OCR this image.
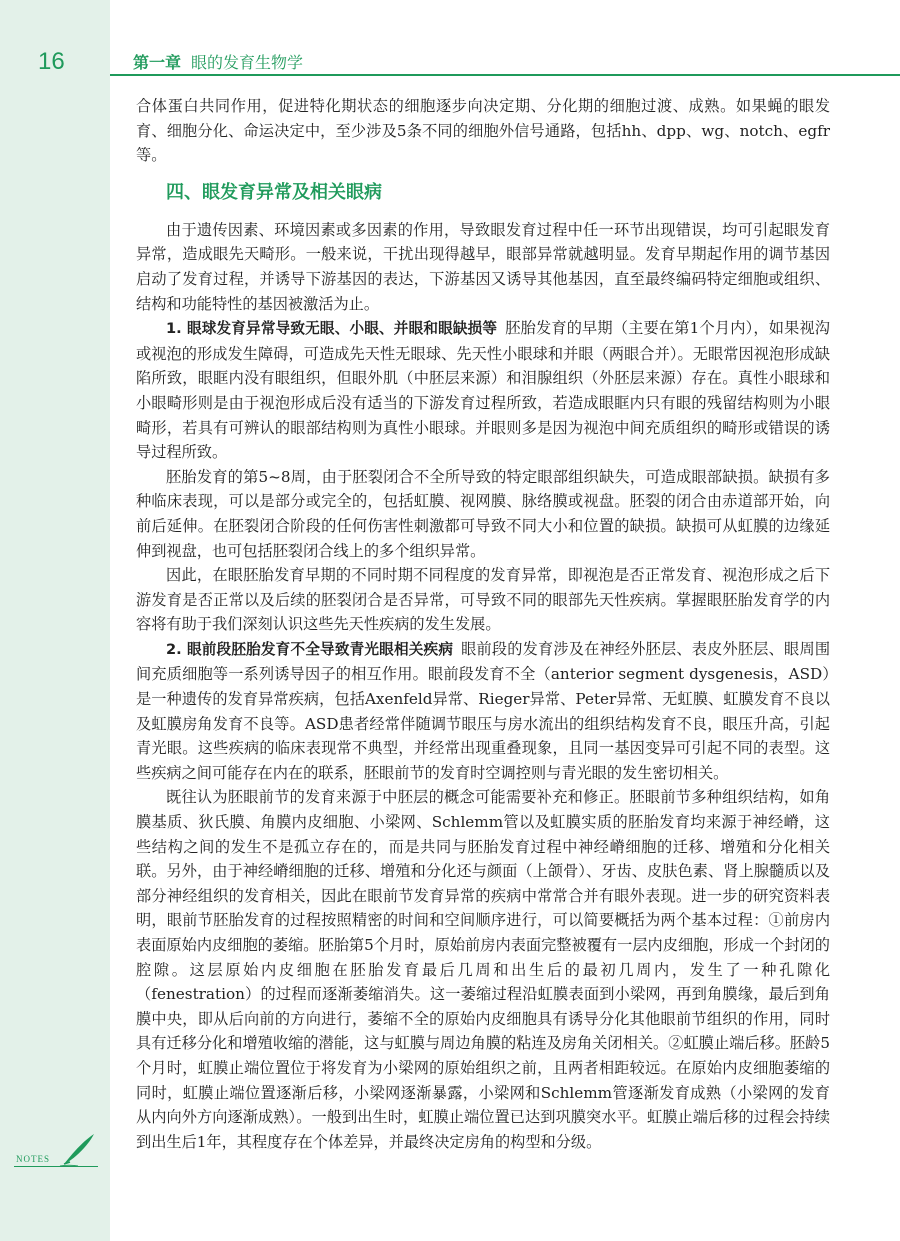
16	第一章 眼的发育生物学

合体蛋白共同作用，促进特化期状态的细胞逐步向决定期、分化期的细胞过渡、成熟。如果蝇的眼发育、细胞分化、命运决定中，至少涉及5条不同的细胞外信号通路，包括hh、dpp、wg、notch、egfr等。

四、眼发育异常及相关眼病

由于遗传因素、环境因素或多因素的作用，导致眼发育过程中任一环节出现错误，均可引起眼发育异常，造成眼先天畸形。一般来说，干扰出现得越早，眼部异常就越明显。发育早期起作用的调节基因启动了发育过程，并诱导下游基因的表达，下游基因又诱导其他基因，直至最终编码特定细胞或组织、结构和功能特性的基因被激活为止。

1. 眼球发育异常导致无眼、小眼、并眼和眼缺损等 胚胎发育的早期（主要在第1个月内），如果视沟或视泡的形成发生障碍，可造成先天性无眼球、先天性小眼球和并眼（两眼合并）。无眼常因视泡形成缺陷所致，眼眶内没有眼组织，但眼外肌（中胚层来源）和泪腺组织（外胚层来源）存在。真性小眼球和小眼畸形则是由于视泡形成后没有适当的下游发育过程所致，若造成眼眶内只有眼的残留结构则为小眼畸形，若具有可辨认的眼部结构则为真性小眼球。并眼则多是因为视泡中间充质组织的畸形或错误的诱导过程所致。

胚胎发育的第5~8周，由于胚裂闭合不全所导致的特定眼部组织缺失，可造成眼部缺损。缺损有多种临床表现，可以是部分或完全的，包括虹膜、视网膜、脉络膜或视盘。胚裂的闭合由赤道部开始，向前后延伸。在胚裂闭合阶段的任何伤害性刺激都可导致不同大小和位置的缺损。缺损可从虹膜的边缘延伸到视盘，也可包括胚裂闭合线上的多个组织异常。

因此，在眼胚胎发育早期的不同时期不同程度的发育异常，即视泡是否正常发育、视泡形成之后下游发育是否正常以及后续的胚裂闭合是否异常，可导致不同的眼部先天性疾病。掌握眼胚胎发育学的内容将有助于我们深刻认识这些先天性疾病的发生发展。

2. 眼前段胚胎发育不全导致青光眼相关疾病 眼前段的发育涉及在神经外胚层、表皮外胚层、眼周围间充质细胞等一系列诱导因子的相互作用。眼前段发育不全（anterior segment dysgenesis，ASD）是一种遗传的发育异常疾病，包括Axenfeld异常、Rieger异常、Peter异常、无虹膜、虹膜发育不良以及虹膜房角发育不良等。ASD患者经常伴随调节眼压与房水流出的组织结构发育不良，眼压升高，引起青光眼。这些疾病的临床表现常不典型，并经常出现重叠现象，且同一基因变异可引起不同的表型。这些疾病之间可能存在内在的联系，胚眼前节的发育时空调控则与青光眼的发生密切相关。

既往认为胚眼前节的发育来源于中胚层的概念可能需要补充和修正。胚眼前节多种组织结构，如角膜基质、狄氏膜、角膜内皮细胞、小梁网、Schlemm管以及虹膜实质的胚胎发育均来源于神经嵴，这些结构之间的发生不是孤立存在的，而是共同与胚胎发育过程中神经嵴细胞的迁移、增殖和分化相关联。另外，由于神经嵴细胞的迁移、增殖和分化还与颜面（上颌骨）、牙齿、皮肤色素、肾上腺髓质以及部分神经组织的发育相关，因此在眼前节发育异常的疾病中常常合并有眼外表现。进一步的研究资料表明，眼前节胚胎发育的过程按照精密的时间和空间顺序进行，可以简要概括为两个基本过程：①前房内表面原始内皮细胞的萎缩。胚胎第5个月时，原始前房内表面完整被覆有一层内皮细胞，形成一个封闭的腔隙。这层原始内皮细胞在胚胎发育最后几周和出生后的最初几周内，发生了一种孔隙化（fenestration）的过程而逐渐萎缩消失。这一萎缩过程沿虹膜表面到小梁网，再到角膜缘，最后到角膜中央，即从后向前的方向进行，萎缩不全的原始内皮细胞具有诱导分化其他眼前节组织的作用，同时具有迁移分化和增殖收缩的潜能，这与虹膜与周边角膜的粘连及房角关闭相关。②虹膜止端后移。胚龄5个月时，虹膜止端位置位于将发育为小梁网的原始组织之前，且两者相距较远。在原始内皮细胞萎缩的同时，虹膜止端位置逐渐后移，小梁网逐渐暴露，小梁网和Schlemm管逐渐发育成熟（小梁网的发育从内向外方向逐渐成熟）。一般到出生时，虹膜止端位置已达到巩膜突水平。虹膜止端后移的过程会持续到出生后1年，其程度存在个体差异，并最终决定房角的构型和分级。

NOTES
